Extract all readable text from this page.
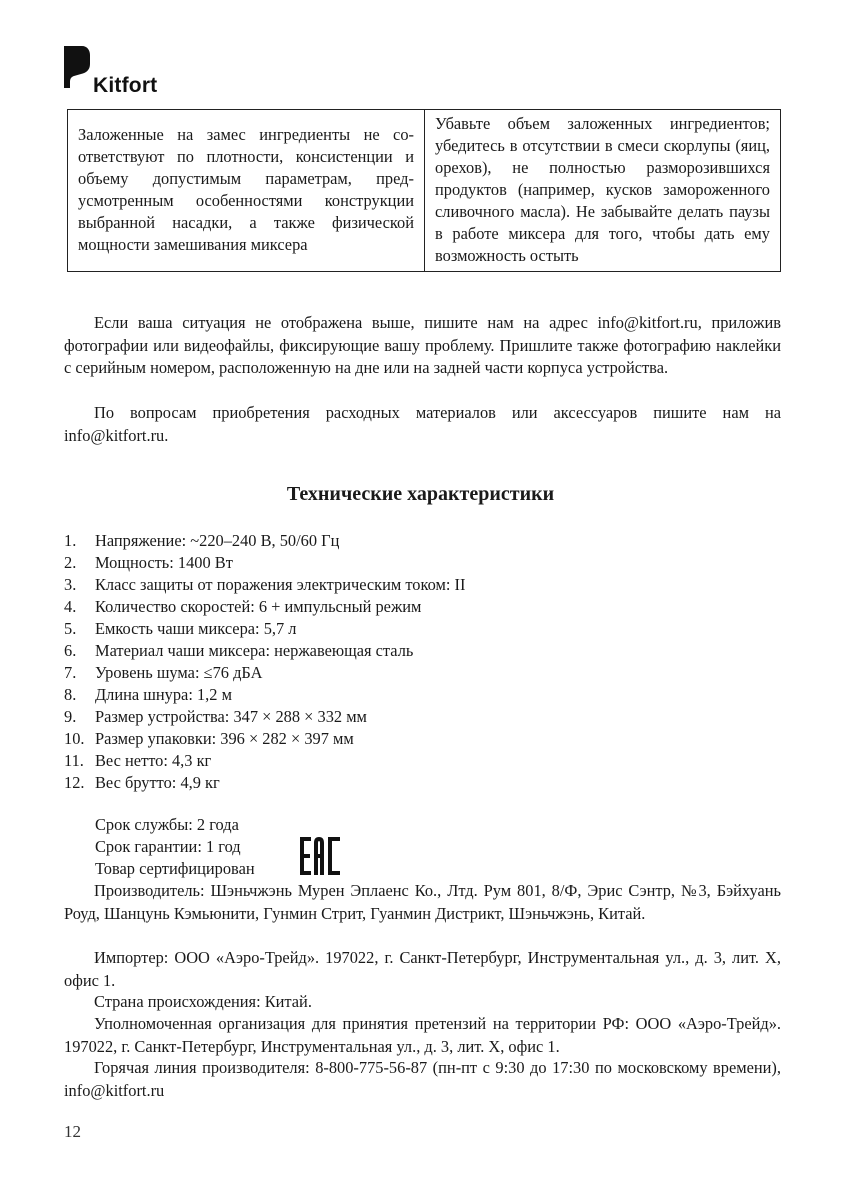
Kitfort
Заложенные на замес ингредиенты не соответствуют по плотности, консистенции и объему допустимым параметрам, предусмотренным особенностями конструкции выбранной насадки, а также физической мощности замешивания миксера	Убавьте объем заложенных ингредиентов; убедитесь в отсутствии в смеси скорлупы (яиц, орехов), не полностью разморозившихся продуктов (например, кусков замороженного сливочного масла). Не забывайте делать паузы в работе миксера для того, чтобы дать ему возможность остыть

Если ваша ситуация не отображена выше, пишите нам на адрес info@kitfort.ru, приложив фотографии или видеофайлы, фиксирующие вашу проблему. Пришлите также фотографию наклейки с серийным номером, расположенную на дне или на задней части корпуса устройства.

По вопросам приобретения расходных материалов или аксессуаров пишите нам на info@kitfort.ru.

Технические характеристики
1. Напряжение: ~220–240 В, 50/60 Гц
2. Мощность: 1400 Вт
3. Класс защиты от поражения электрическим током: II
4. Количество скоростей: 6 + импульсный режим
5. Емкость чаши миксера: 5,7 л
6. Материал чаши миксера: нержавеющая сталь
7. Уровень шума: ≤76 дБА
8. Длина шнура: 1,2 м
9. Размер устройства: 347 × 288 × 332 мм
10. Размер упаковки: 396 × 282 × 397 мм
11. Вес нетто: 4,3 кг
12. Вес брутто: 4,9 кг
Срок службы: 2 года
Срок гарантии: 1 год
Товар сертифицирован

Производитель: Шэньчжэнь Мурен Эплаенс Ко., Лтд. Рум 801, 8/Ф, Эрис Сэнтр, №3, Бэйхуань Роуд, Шанцунь Кэмьюнити, Гунмин Стрит, Гуанмин Дистрикт, Шэньчжэнь, Китай.

Импортер: ООО «Аэро-Трейд». 197022, г. Санкт-Петербург, Инструментальная ул., д. 3, лит. Х, офис 1.

Страна происхождения: Китай.

Уполномоченная организация для принятия претензий на территории РФ: ООО «Аэро-Трейд». 197022, г. Санкт-Петербург, Инструментальная ул., д. 3, лит. Х, офис 1.

Горячая линия производителя: 8-800-775-56-87 (пн-пт с 9:30 до 17:30 по московскому времени), info@kitfort.ru

12
